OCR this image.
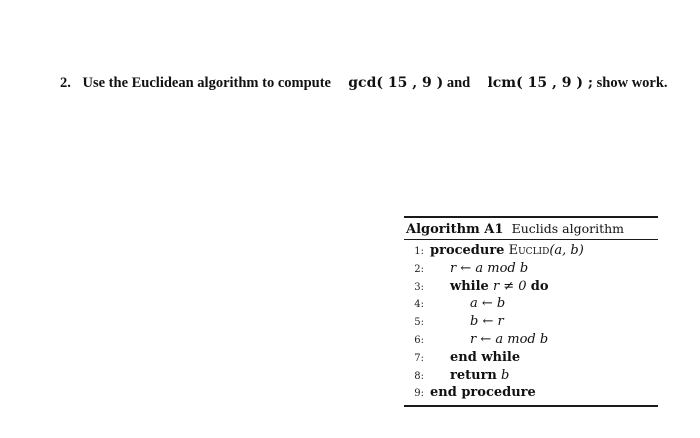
2. Use the Euclidean algorithm to compute gcd( 15 , 9 ) and lcm( 15 , 9 ) ; show work.
Algorithm A1 Euclids algorithm
1: procedure Euclid(a, b)
2: r ← a mod b
3: while r ≠ 0 do
4:	a ← b
5:	b ← r
6:	r ← a mod b
7: end while
8: return b
9: end procedure
